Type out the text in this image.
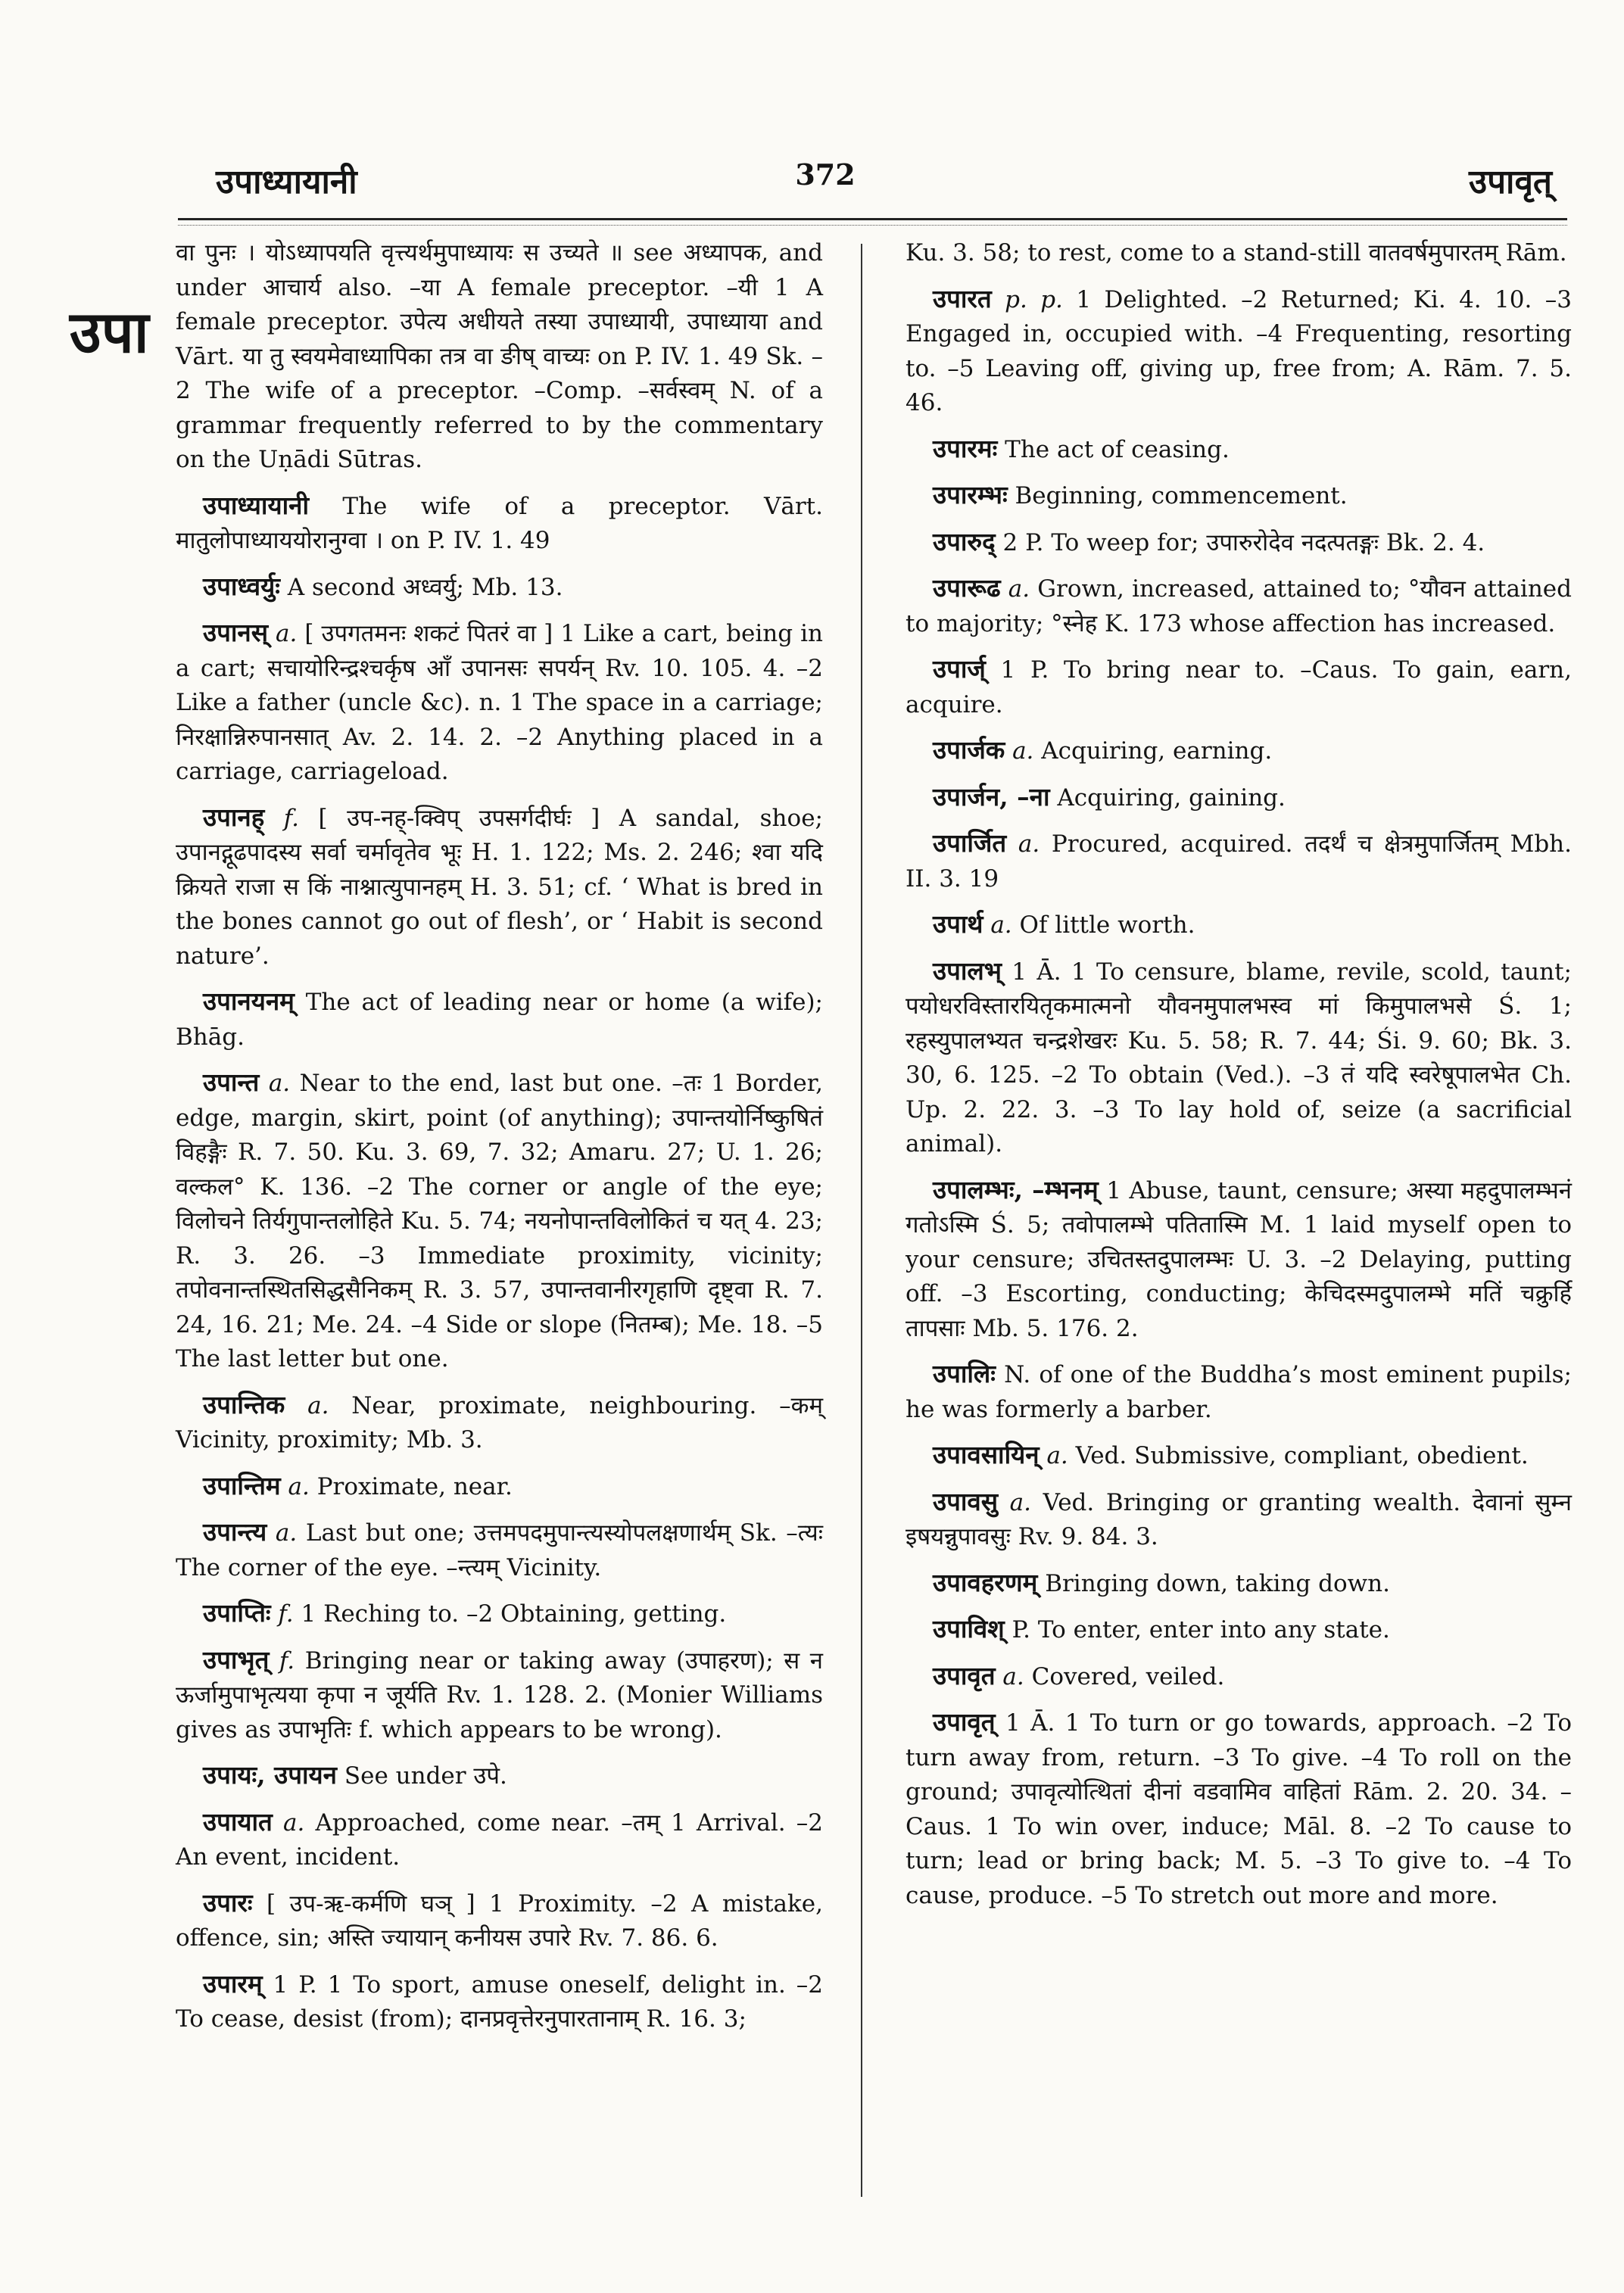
उपाध्यायानी	372	उपावृत्
उपा

वा पुनः । योऽध्यापयति वृत्त्यर्थमुपाध्यायः स उच्यते ॥ see अध्यापक, and under आचार्य also. –या A female preceptor. –यी 1 A female preceptor. उपेत्य अधीयते तस्या उपाध्यायी, उपाध्याया and Vārt. या तु स्वयमेवाध्यापिका तत्र वा ङीष् वाच्यः on P. IV. 1. 49 Sk. –2 The wife of a preceptor. –Comp. –सर्वस्वम् N. of a grammar frequently referred to by the commentary on the Uṇādi Sūtras.

उपाध्यायानी The wife of a preceptor. Vārt. मातुलोपाध्याययोरानुग्वा । on P. IV. 1. 49

उपाध्वर्युः A second अध्वर्यु; Mb. 13.

उपानस् a. [ उपगतमनः शकटं पितरं वा ] 1 Like a cart, being in a cart; सचायोरिन्द्रश्चर्कृष आँ उपानसः सपर्यन् Rv. 10. 105. 4. –2 Like a father (uncle &c). n. 1 The space in a carriage; निरक्षान्निरुपानसात् Av. 2. 14. 2. –2 Anything placed in a carriage, carriageload.

उपानह् f. [ उप-नह्-क्विप् उपसर्गदीर्घः ] A sandal, shoe; उपानद्गूढपादस्य सर्वा चर्मावृतेव भूः H. 1. 122; Ms. 2. 246; श्वा यदि क्रियते राजा स किं नाश्नात्युपानहम् H. 3. 51; cf. ‘ What is bred in the bones cannot go out of flesh’, or ‘ Habit is second nature’.

उपानयनम् The act of leading near or home (a wife); Bhāg.

उपान्त a. Near to the end, last but one. –तः 1 Border, edge, margin, skirt, point (of anything); उपान्तयोर्निष्कुषितं विहङ्गैः R. 7. 50. Ku. 3. 69, 7. 32; Amaru. 27; U. 1. 26; वल्कल° K. 136. –2 The corner or angle of the eye; विलोचने तिर्यगुपान्तलोहिते Ku. 5. 74; नयनोपान्तविलोकितं च यत् 4. 23; R. 3. 26. –3 Immediate proximity, vicinity; तपोवनान्तस्थितसिद्धसैनिकम् R. 3. 57, उपान्तवानीरगृहाणि दृष्ट्वा R. 7. 24, 16. 21; Me. 24. –4 Side or slope (नितम्ब); Me. 18. –5 The last letter but one.

उपान्तिक a. Near, proximate, neighbouring. –कम् Vicinity, proximity; Mb. 3.

उपान्तिम a. Proximate, near.

उपान्त्य a. Last but one; उत्तमपदमुपान्त्यस्योपलक्षणार्थम् Sk. –त्यः The corner of the eye. –न्त्यम् Vicinity.

उपाप्तिः f. 1 Reching to. –2 Obtaining, getting.

उपाभृत् f. Bringing near or taking away (उपाहरण); स न ऊर्जामुपाभृत्यया कृपा न जूर्यति Rv. 1. 128. 2. (Monier Williams gives as उपाभृतिः f. which appears to be wrong).

उपायः, उपायन See under उपे.

उपायात a. Approached, come near. –तम् 1 Arrival. –2 An event, incident.

उपारः [ उप-ऋ-कर्मणि घञ् ] 1 Proximity. –2 A mistake, offence, sin; अस्ति ज्यायान् कनीयस उपारे Rv. 7. 86. 6.

उपारम् 1 P. 1 To sport, amuse oneself, delight in. –2 To cease, desist (from); दानप्रवृत्तेरनुपारतानाम् R. 16. 3;

Ku. 3. 58; to rest, come to a stand-still वातवर्षमुपारतम् Rām.

उपारत p. p. 1 Delighted. –2 Returned; Ki. 4. 10. –3 Engaged in, occupied with. –4 Frequenting, resorting to. –5 Leaving off, giving up, free from; A. Rām. 7. 5. 46.

उपारमः The act of ceasing.

उपारम्भः Beginning, commencement.

उपारुद् 2 P. To weep for; उपारुरोदेव नदत्पतङ्गः Bk. 2. 4.

उपारूढ a. Grown, increased, attained to; °यौवन attained to majority; °स्नेह K. 173 whose affection has increased.

उपार्ज् 1 P. To bring near to. –Caus. To gain, earn, acquire.

उपार्जक a. Acquiring, earning.

उपार्जन, –ना Acquiring, gaining.

उपार्जित a. Procured, acquired. तदर्थं च क्षेत्रमुपार्जितम् Mbh. II. 3. 19

उपार्थ a. Of little worth.

उपालभ् 1 Ā. 1 To censure, blame, revile, scold, taunt; पयोधरविस्तारयितृकमात्मनो यौवनमुपालभस्व मां किमुपालभसे Ś. 1; रहस्युपालभ्यत चन्द्रशेखरः Ku. 5. 58; R. 7. 44; Śi. 9. 60; Bk. 3. 30, 6. 125. –2 To obtain (Ved.). –3 तं यदि स्वरेषूपालभेत Ch. Up. 2. 22. 3. –3 To lay hold of, seize (a sacrificial animal).

उपालम्भः, –म्भनम् 1 Abuse, taunt, censure; अस्या महदुपालम्भनं गतोऽस्मि Ś. 5; तवोपालम्भे पतितास्मि M. 1 laid myself open to your censure; उचितस्तदुपालम्भः U. 3. –2 Delaying, putting off. –3 Escorting, conducting; केचिदस्मदुपालम्भे मतिं चक्रुर्हि तापसाः Mb. 5. 176. 2.

उपालिः N. of one of the Buddha’s most eminent pupils; he was formerly a barber.

उपावसायिन् a. Ved. Submissive, compliant, obedient.

उपावसु a. Ved. Bringing or granting wealth. देवानां सुम्न इषयन्नुपावसुः Rv. 9. 84. 3.

उपावहरणम् Bringing down, taking down.

उपाविश् P. To enter, enter into any state.

उपावृत a. Covered, veiled.

उपावृत् 1 Ā. 1 To turn or go towards, approach. –2 To turn away from, return. –3 To give. –4 To roll on the ground; उपावृत्योत्थितां दीनां वडवामिव वाहितां Rām. 2. 20. 34. –Caus. 1 To win over, induce; Māl. 8. –2 To cause to turn; lead or bring back; M. 5. –3 To give to. –4 To cause, produce. –5 To stretch out more and more.
